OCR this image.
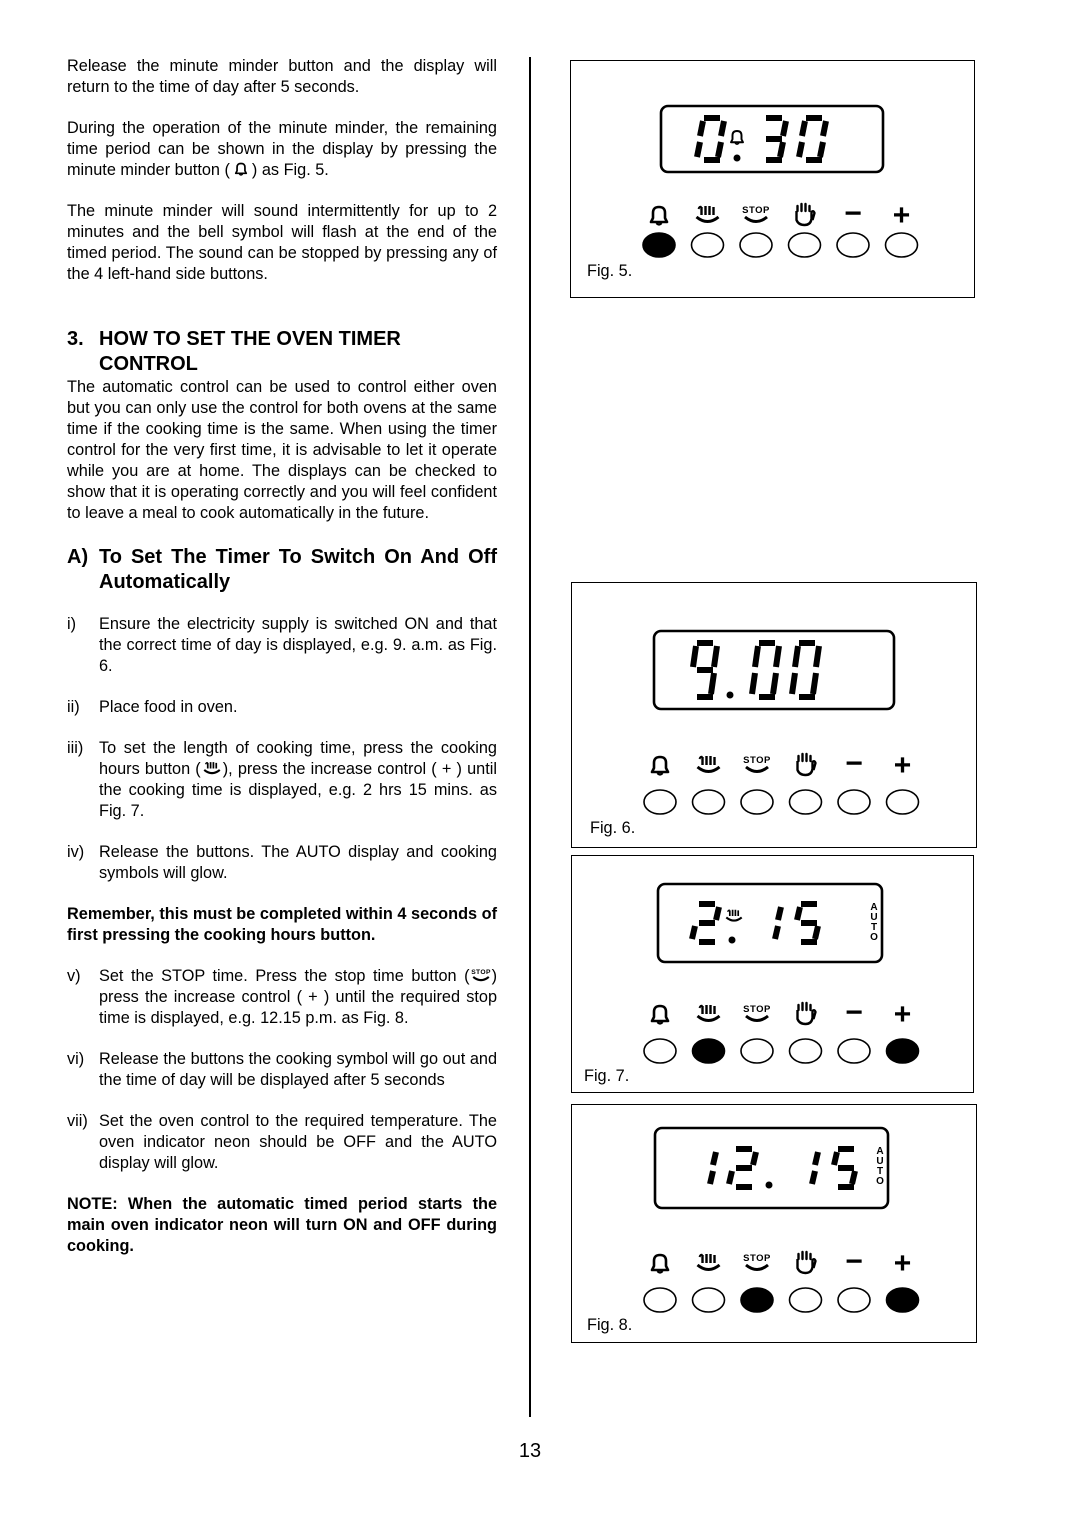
Release the minute minder button and the display will return to the time of day after 5 seconds.

During the operation of the minute minder, the remaining time period can be shown in the display by pressing the minute minder button ( ) as Fig. 5.

The minute minder will sound intermittently for up to 2 minutes and the bell symbol will flash at the end of the timed period. The sound can be stopped by pressing any of the 4 left-hand side buttons.

3. HOW TO SET THE OVEN TIMER CONTROL

The automatic control can be used to control either oven but you can only use the control for both ovens at the same time if the cooking time is the same. When using the timer control for the very first time, it is advisable to let it operate while you are at home. The displays can be checked to show that it is operating correctly and you will feel confident to leave a meal to cook automatically in the future.

A) To Set The Timer To Switch On And Off Automatically
i)	Ensure the electricity supply is switched ON and that the correct time of day is displayed, e.g. 9. a.m. as Fig. 6.
ii)	Place food in oven.
iii) To set the length of cooking time, press the cooking hours button ( ), press the increase control ( + ) until the cooking time is displayed, e.g. 2 hrs 15 mins. as Fig. 7.
iv) Release the buttons. The AUTO display and cooking symbols will glow.

Remember, this must be completed within 4 seconds of first pressing the cooking hours button.

v)	Set the STOP time. Press the stop time button ( ) press the increase control ( + ) until the required stop time is displayed, e.g. 12.15 p.m. as Fig. 8.
vi) Release the buttons the cooking symbol will go out and the time of day will be displayed after 5 seconds
vii) Set the oven control to the required temperature. The oven indicator neon should be OFF and the AUTO display will glow.

NOTE: When the automatic timed period starts the main oven indicator neon will turn ON and OFF during cooking.

− +
Fig. 5.
− +
Fig. 6.
A
U
T
O
− +
Fig. 7.
A
U
T
O
− +
Fig. 8.
13
